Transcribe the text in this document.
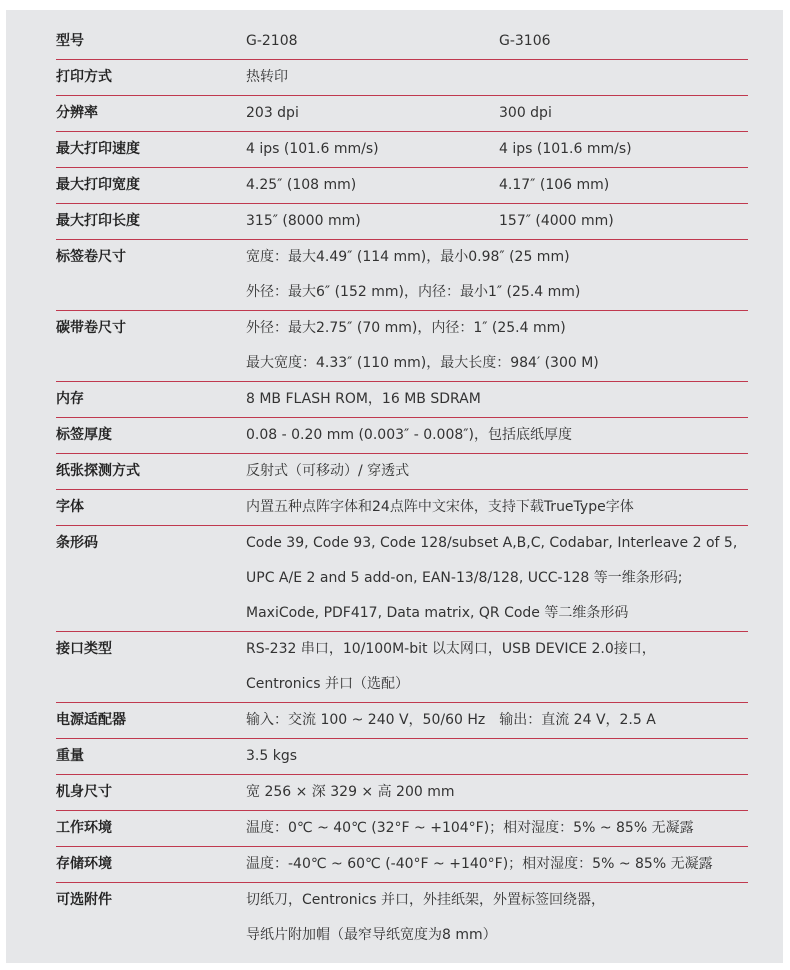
型号	G-2108	G-3106
打印方式	热转印
分辨率	203 dpi	300 dpi
最大打印速度	4 ips (101.6 mm/s)	4 ips (101.6 mm/s)
最大打印宽度	4.25″ (108 mm)	4.17″ (106 mm)
最大打印长度	315″ (8000 mm)	157″ (4000 mm)
标签卷尺寸	宽度：最大4.49″ (114 mm)，最小0.98″ (25 mm)
外径：最大6″ (152 mm)，内径：最小1″ (25.4 mm)
碳带卷尺寸	外径：最大2.75″ (70 mm)，内径：1″ (25.4 mm)
最大宽度：4.33″ (110 mm)，最大长度：984′ (300 M)
内存	8 MB FLASH ROM，16 MB SDRAM
标签厚度	0.08 - 0.20 mm (0.003″ - 0.008″)，包括底纸厚度
纸张探测方式	反射式（可移动）/ 穿透式
字体	内置五种点阵字体和24点阵中文宋体，支持下载TrueType字体
条形码	Code 39, Code 93, Code 128/subset A,B,C, Codabar, Interleave 2 of 5,
UPC A/E 2 and 5 add-on, EAN-13/8/128, UCC-128 等一维条形码;
MaxiCode, PDF417, Data matrix, QR Code 等二维条形码
接口类型	RS-232 串口，10/100M-bit 以太网口，USB DEVICE 2.0接口，
Centronics 并口（选配）
电源适配器	输入：交流 100 ~ 240 V，50/60 Hz　输出：直流 24 V，2.5 A
重量	3.5 kgs
机身尺寸	宽 256 × 深 329 × 高 200 mm
工作环境	温度：0℃ ~ 40℃ (32°F ~ +104°F)；相对湿度：5% ~ 85% 无凝露
存储环境	温度：-40℃ ~ 60℃ (-40°F ~ +140°F)；相对湿度：5% ~ 85% 无凝露
可选附件	切纸刀，Centronics 并口，外挂纸架，外置标签回绕器，
导纸片附加帽（最窄导纸宽度为8 mm）
